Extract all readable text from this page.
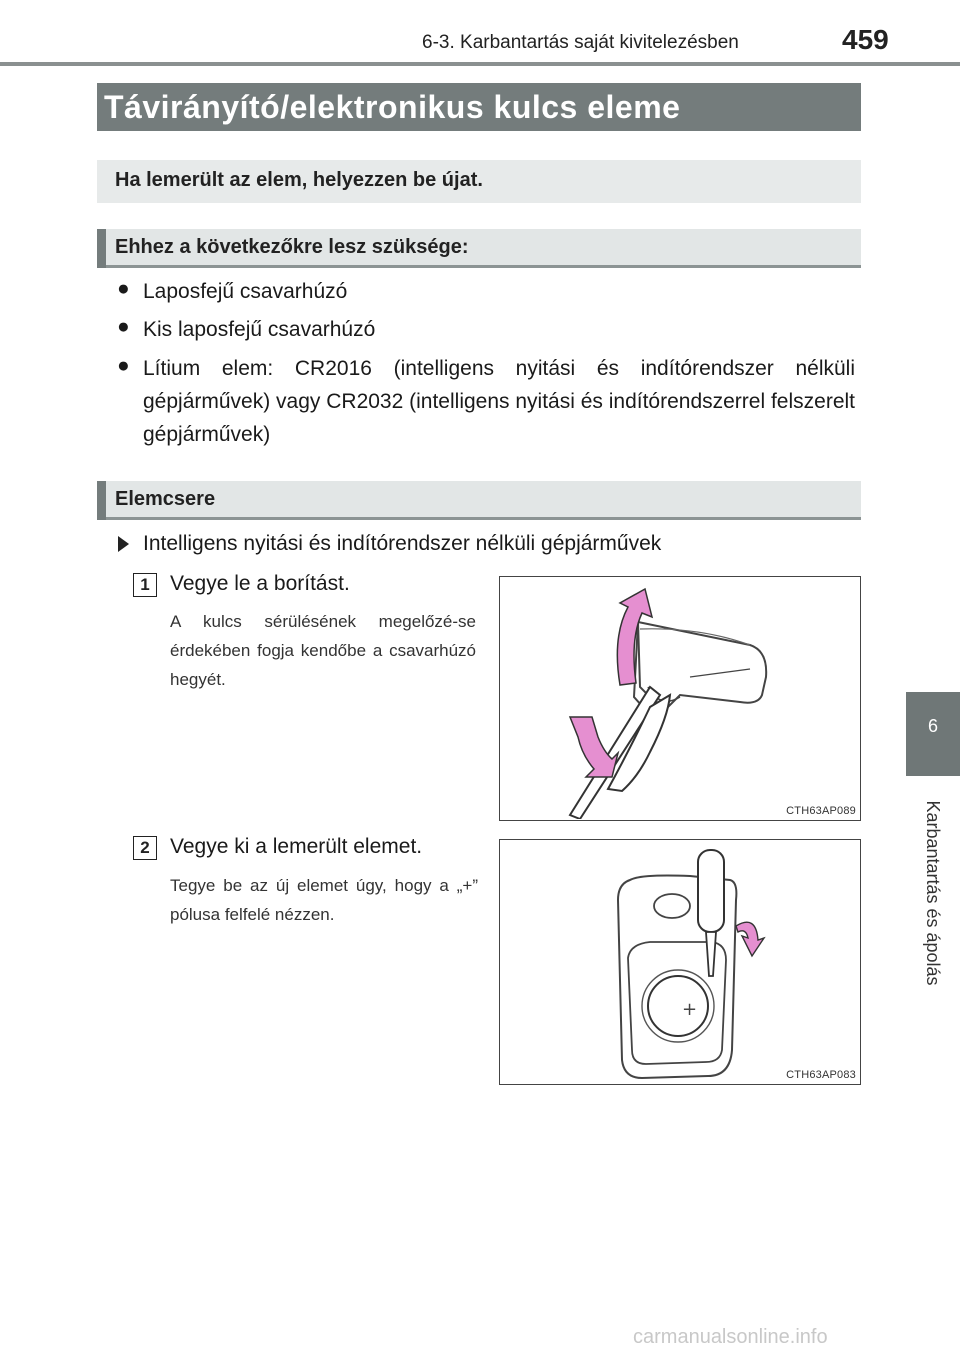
6-3. Karbantartás saját kivitelezésben	459
6
Karbantartás és ápolás
Távirányító/elektronikus kulcs eleme
Ha lemerült az elem, helyezzen be újat.
Ehhez a következőkre lesz szüksége:
● Laposfejű csavarhúzó
● Kis laposfejű csavarhúzó
● Lítium elem: CR2016 (intelligens nyitási és indítórendszer nélküli gépjárművek) vagy CR2032 (intelligens nyitási és indítórendszerrel felszerelt gépjárművek)
Elemcsere
Intelligens nyitási és indítórendszer nélküli gépjárművek
1 Vegye le a borítást.
A kulcs sérülésének megelőzé-se érdekében fogja kendőbe a csavarhúzó hegyét.
CTH63AP089
2 Vegye ki a lemerült elemet.
Tegye be az új elemet úgy, hogy a „+” pólusa felfelé nézzen.
+
CTH63AP083
carmanualsonline.info
